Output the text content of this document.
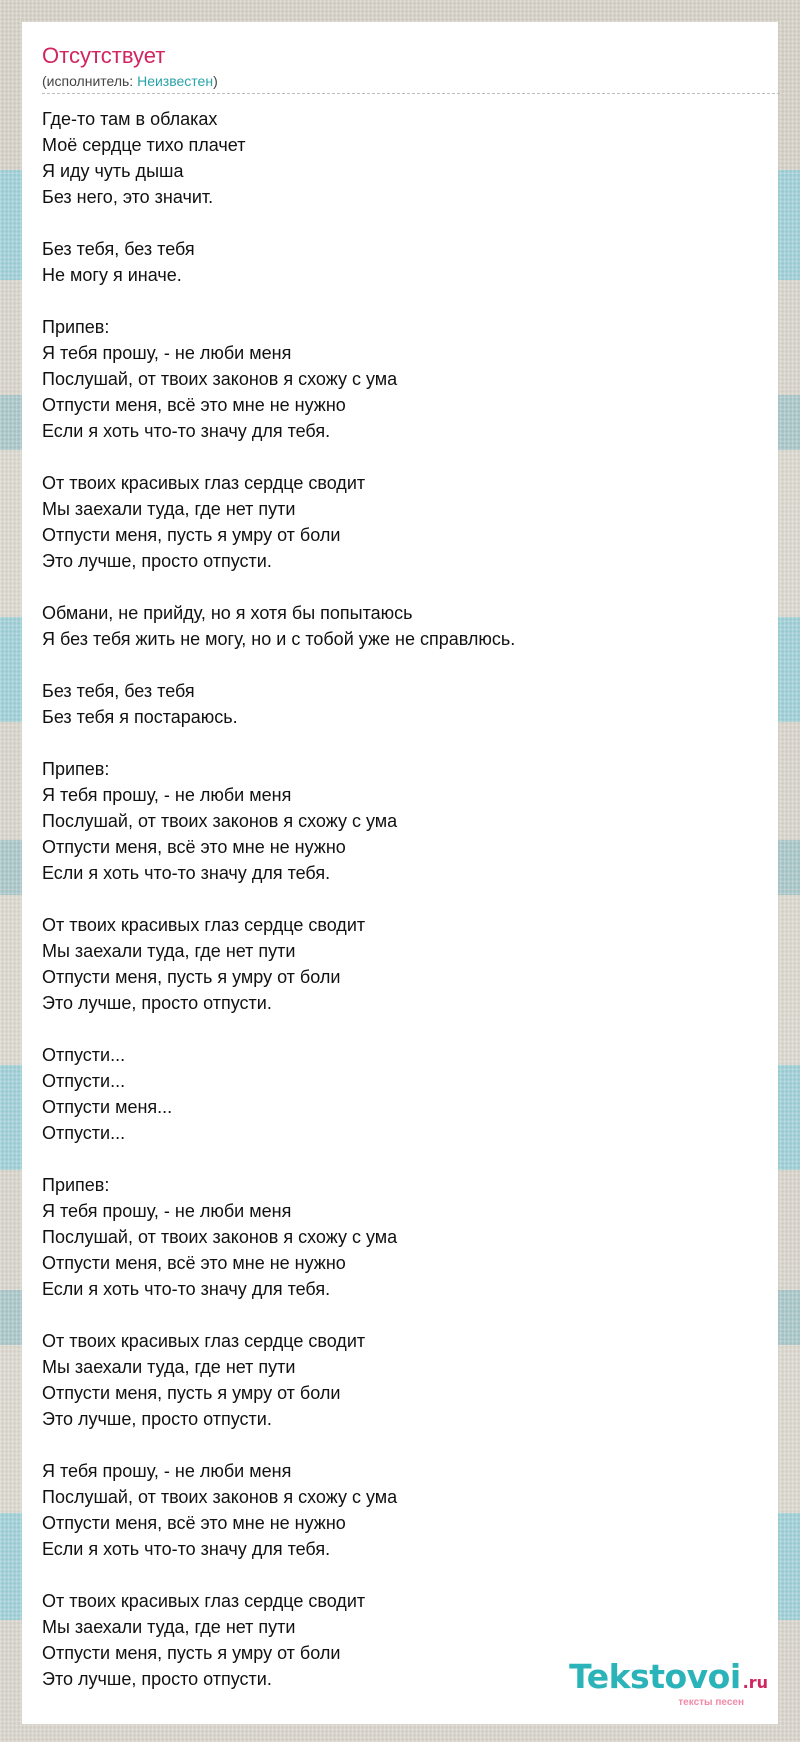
Отсутствует
(исполнитель: Неизвестен)
Где-то там в облаках
Моё сердце тихо плачет
Я иду чуть дыша
Без него, это значит.

Без тебя, без тебя
Не могу я иначе.

Припев:
Я тебя прошу, - не люби меня
Послушай, от твоих законов я схожу с ума
Отпусти меня, всё это мне не нужно
Если я хоть что-то значу для тебя.

От твоих красивых глаз сердце сводит
Мы заехали туда, где нет пути
Отпусти меня, пусть я умру от боли
Это лучше, просто отпусти.

Обмани, не прийду, но я хотя бы попытаюсь
Я без тебя жить не могу, но и с тобой уже не справлюсь.

Без тебя, без тебя
Без тебя я постараюсь.

Припев:
Я тебя прошу, - не люби меня
Послушай, от твоих законов я схожу с ума
Отпусти меня, всё это мне не нужно
Если я хоть что-то значу для тебя.

От твоих красивых глаз сердце сводит
Мы заехали туда, где нет пути
Отпусти меня, пусть я умру от боли
Это лучше, просто отпусти.

Отпусти...
Отпусти...
Отпусти меня...
Отпусти...

Припев:
Я тебя прошу, - не люби меня
Послушай, от твоих законов я схожу с ума
Отпусти меня, всё это мне не нужно
Если я хоть что-то значу для тебя.

От твоих красивых глаз сердце сводит
Мы заехали туда, где нет пути
Отпусти меня, пусть я умру от боли
Это лучше, просто отпусти.

Я тебя прошу, - не люби меня
Послушай, от твоих законов я схожу с ума
Отпусти меня, всё это мне не нужно
Если я хоть что-то значу для тебя.

От твоих красивых глаз сердце сводит
Мы заехали туда, где нет пути
Отпусти меня, пусть я умру от боли
Это лучше, просто отпусти.	Tekstovoi .ru
тексты песен
